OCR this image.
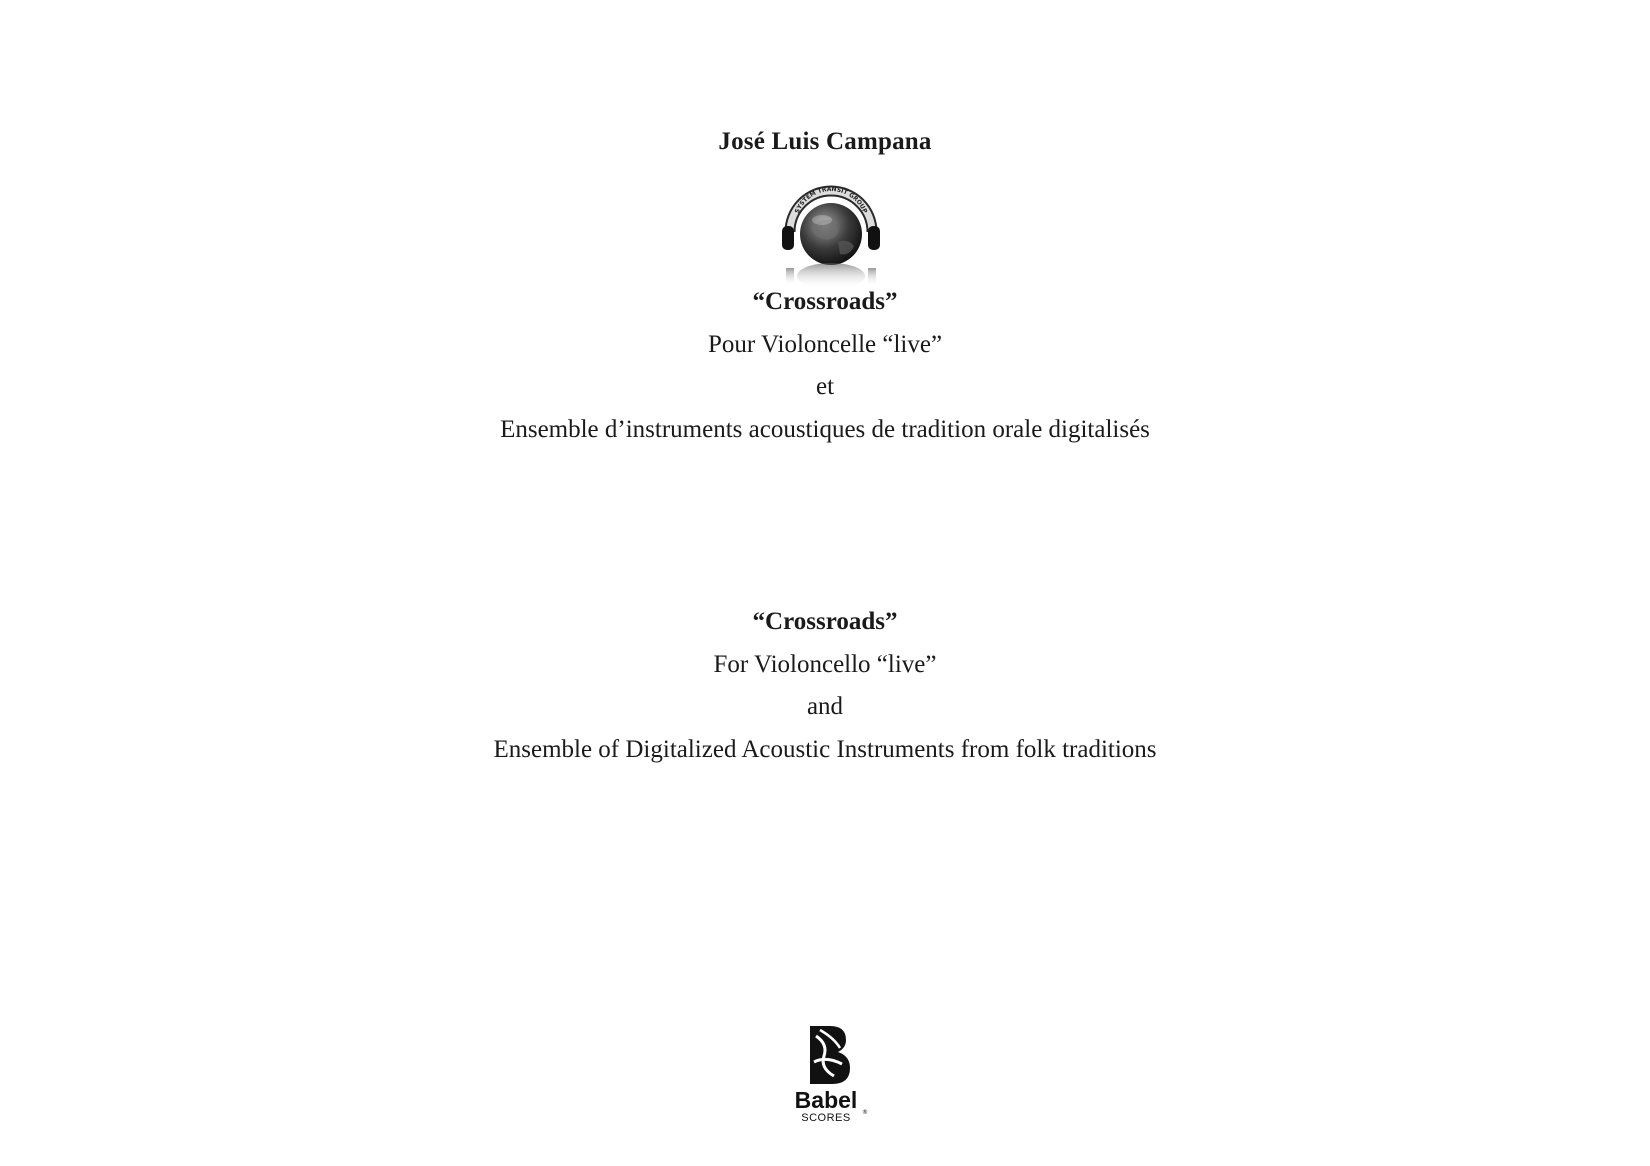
José Luis Campana
SYSTEM TRANSIT GROUP
“Crossroads”
Pour Violoncelle “live”
et
Ensemble d’instruments acoustiques de tradition orale digitalisés
“Crossroads”
For Violoncello “live”
and
Ensemble of Digitalized Acoustic Instruments from folk traditions
Babel
SCORES ®
